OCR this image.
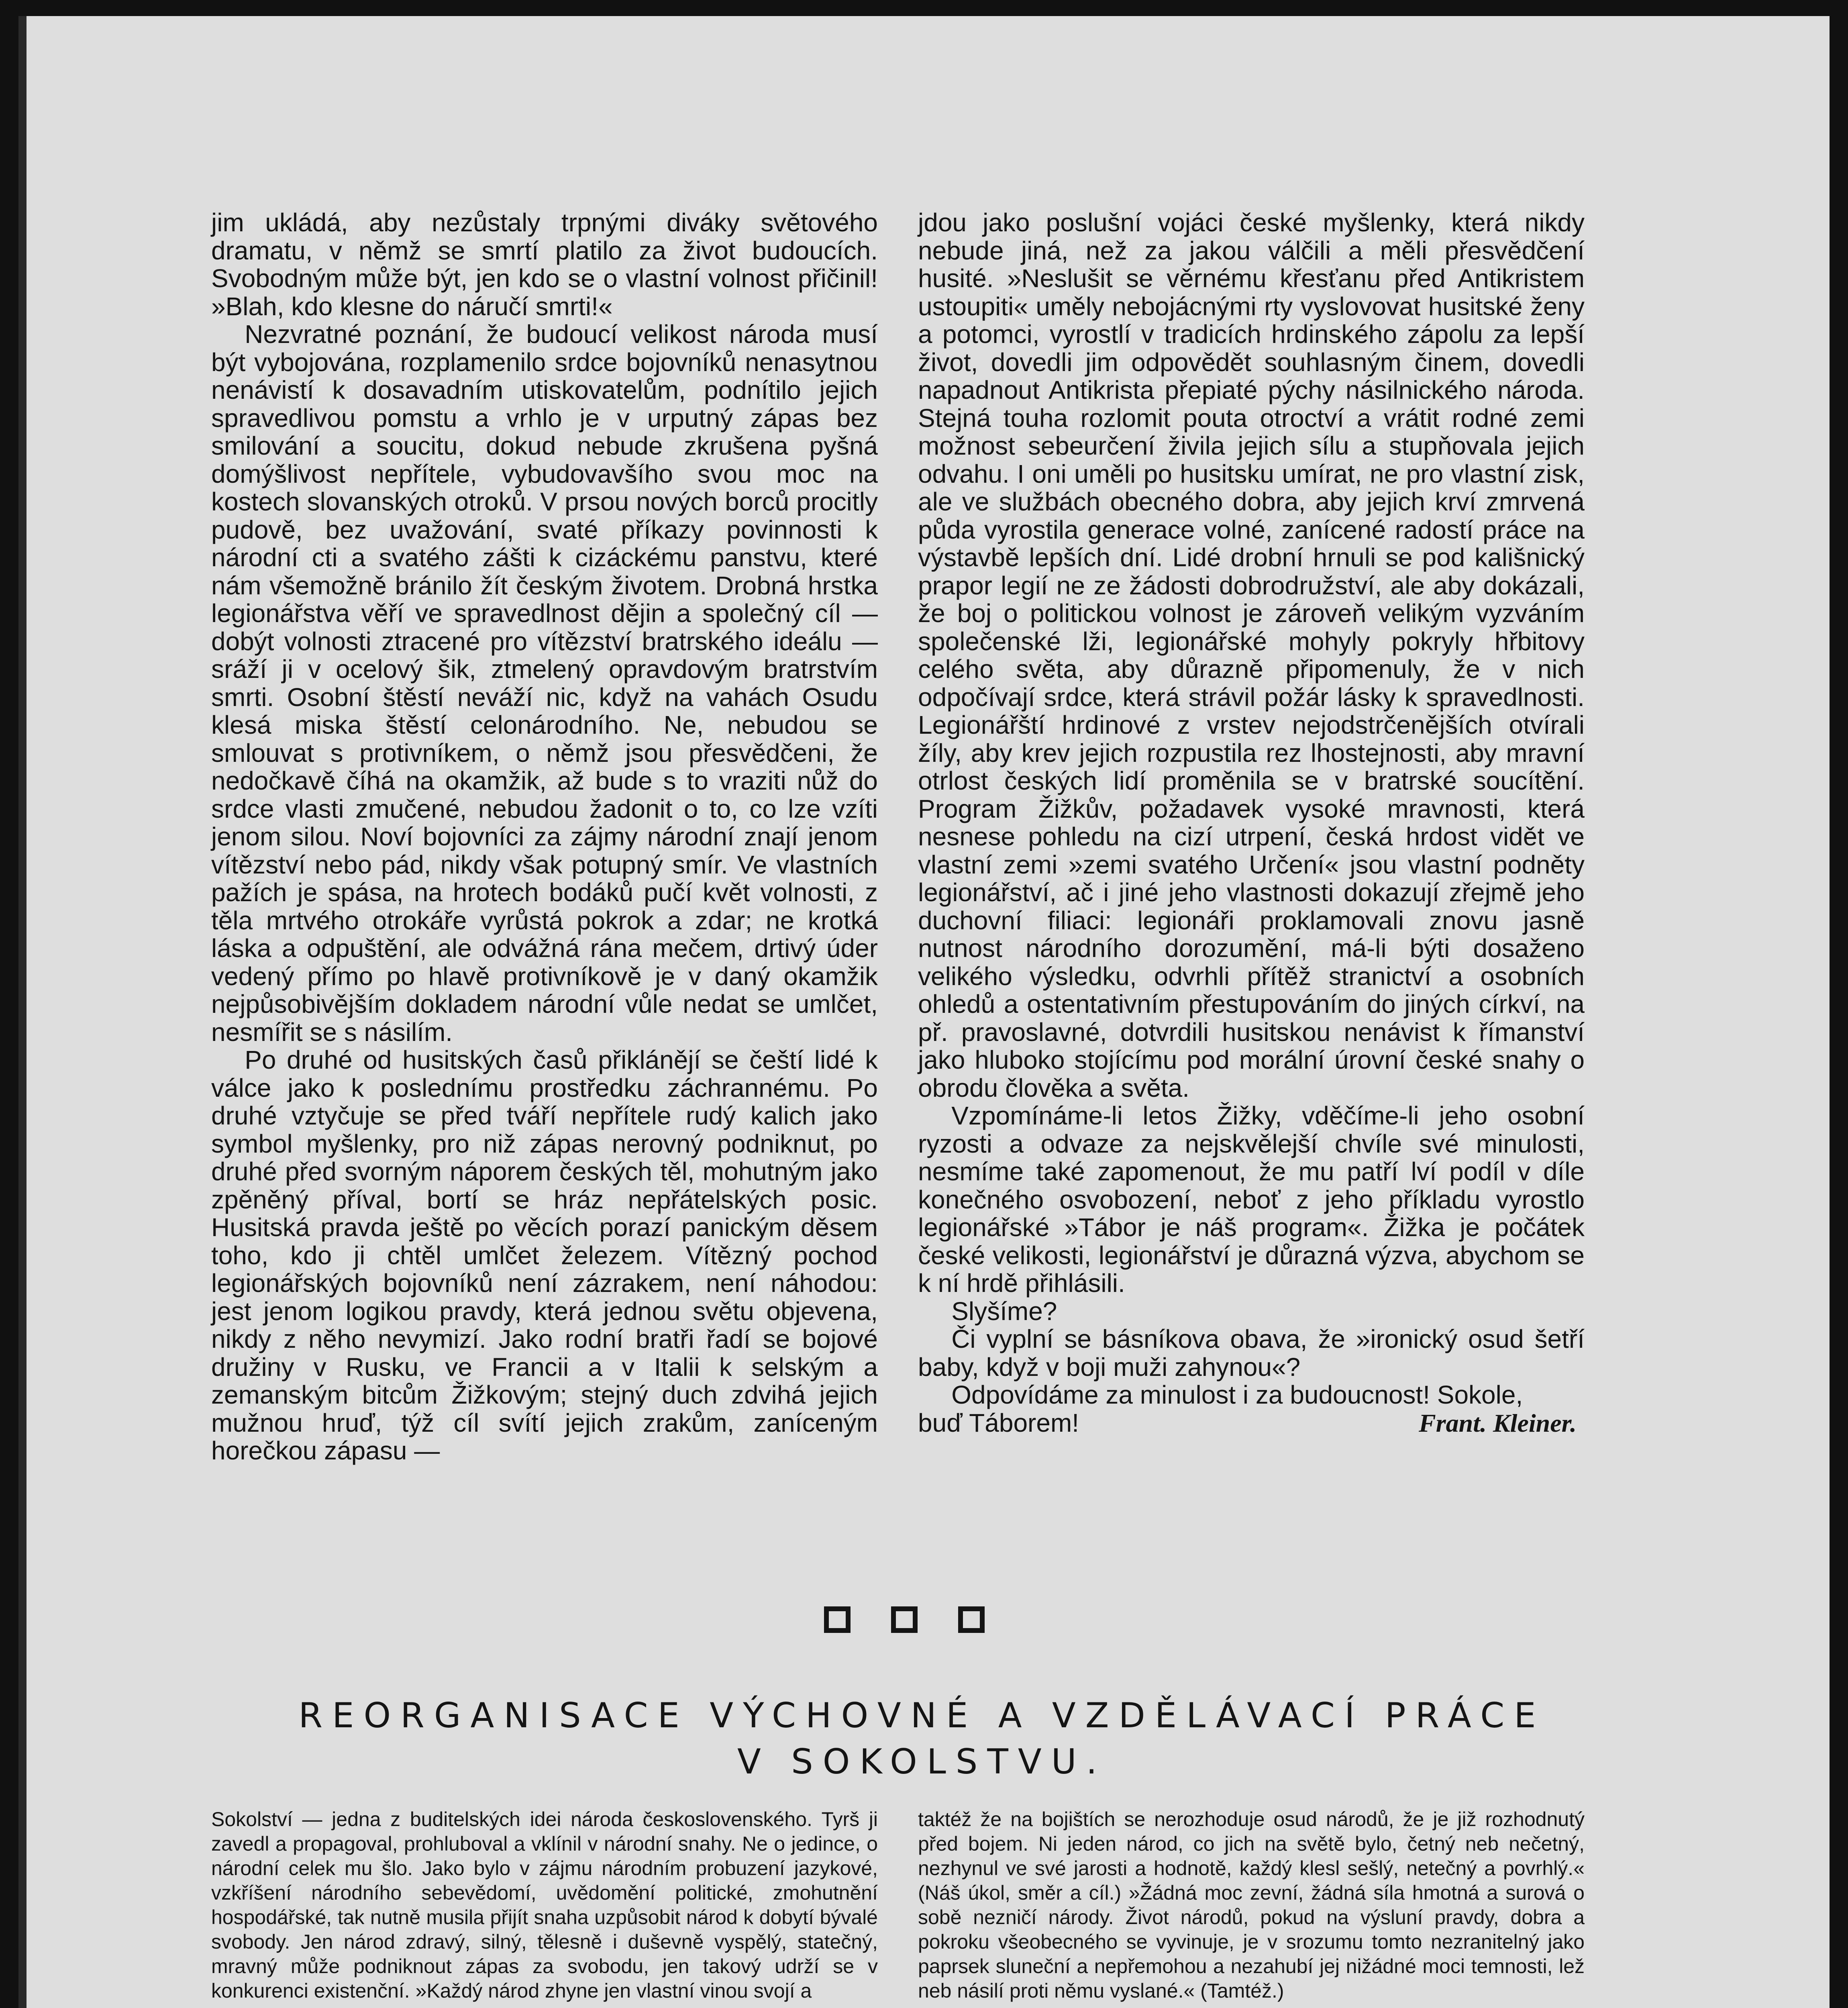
jim ukládá, aby nezůstaly trpnými diváky světového dramatu, v němž se smrtí platilo za život budoucích. Svobodným může být, jen kdo se o vlastní volnost přičinil! »Blah, kdo klesne do náručí smrti!«

Nezvratné poznání, že budoucí velikost národa musí být vybojována, rozplamenilo srdce bojovníků nenasytnou nenávistí k dosavadním utiskovatelům, podnítilo jejich spravedlivou pomstu a vrhlo je v urputný zápas bez smilování a soucitu, dokud nebude zkrušena pyšná domýšlivost nepřítele, vybudovavšího svou moc na kostech slovanských otroků. V prsou nových borců procitly pudově, bez uvažování, svaté příkazy povinnosti k národní cti a svatého zášti k cizáckému panstvu, které nám všemožně bránilo žít českým životem. Drobná hrstka legionářstva věří ve spravedlnost dějin a společný cíl — dobýt volnosti ztracené pro vítězství bratrského ideálu — sráží ji v ocelový šik, ztmelený opravdovým bratrstvím smrti. Osobní štěstí neváží nic, když na vahách Osudu klesá miska štěstí celonárodního. Ne, nebudou se smlouvat s protivníkem, o němž jsou přesvědčeni, že nedočkavě číhá na okamžik, až bude s to vraziti nůž do srdce vlasti zmučené, nebudou žadonit o to, co lze vzíti jenom silou. Noví bojovníci za zájmy národní znají jenom vítězství nebo pád, nikdy však potupný smír. Ve vlastních pažích je spása, na hrotech bodáků pučí květ volnosti, z těla mrtvého otrokáře vyrůstá pokrok a zdar; ne krotká láska a odpuštění, ale odvážná rána mečem, drtivý úder vedený přímo po hlavě protivníkově je v daný okamžik nejpůsobivějším dokladem národní vůle nedat se umlčet, nesmířit se s násilím.

Po druhé od husitských časů přiklánějí se čeští lidé k válce jako k poslednímu prostředku záchrannému. Po druhé vztyčuje se před tváří nepřítele rudý kalich jako symbol myšlenky, pro niž zápas nerovný podniknut, po druhé před svorným náporem českých těl, mohutným jako zpěněný příval, bortí se hráz nepřátelských posic. Husitská pravda ještě po věcích porazí panickým děsem toho, kdo ji chtěl umlčet železem. Vítězný pochod legionářských bojovníků není zázrakem, není náhodou: jest jenom logikou pravdy, která jednou světu objevena, nikdy z něho nevymizí. Jako rodní bratři řadí se bojové družiny v Rusku, ve Francii a v Italii k selským a zemanským bitcům Žižkovým; stejný duch zdvihá jejich mužnou hruď, týž cíl svítí jejich zrakům, zaníceným horečkou zápasu —

jdou jako poslušní vojáci české myšlenky, která nikdy nebude jiná, než za jakou válčili a měli přesvědčení husité. »Neslušit se věrnému křesťanu před Antikristem ustoupiti« uměly nebojácnými rty vyslovovat husitské ženy a potomci, vyrostlí v tradicích hrdinského zápolu za lepší život, dovedli jim odpovědět souhlasným činem, dovedli napadnout Antikrista přepiaté pýchy násilnického národa. Stejná touha rozlomit pouta otroctví a vrátit rodné zemi možnost sebeurčení živila jejich sílu a stupňovala jejich odvahu. I oni uměli po husitsku umírat, ne pro vlastní zisk, ale ve službách obecného dobra, aby jejich krví zmrvená půda vyrostila generace volné, zanícené radostí práce na výstavbě lepších dní. Lidé drobní hrnuli se pod kališnický prapor legií ne ze žádosti dobrodružství, ale aby dokázali, že boj o politickou volnost je zároveň velikým vyzváním společenské lži, legionářské mohyly pokryly hřbitovy celého světa, aby důrazně připomenuly, že v nich odpočívají srdce, která strávil požár lásky k spravedlnosti. Legionářští hrdinové z vrstev nejodstrčenějších otvírali žíly, aby krev jejich rozpustila rez lhostejnosti, aby mravní otrlost českých lidí proměnila se v bratrské soucítění. Program Žižkův, požadavek vysoké mravnosti, která nesnese pohledu na cizí utrpení, česká hrdost vidět ve vlastní zemi »zemi svatého Určení« jsou vlastní podněty legionářství, ač i jiné jeho vlastnosti dokazují zřejmě jeho duchovní filiaci: legionáři proklamovali znovu jasně nutnost národního dorozumění, má-li býti dosaženo velikého výsledku, odvrhli přítěž stranictví a osobních ohledů a ostentativním přestupováním do jiných církví, na př. pravoslavné, dotvrdili husitskou nenávist k římanství jako hluboko stojícímu pod morální úrovní české snahy o obrodu člověka a světa.

Vzpomínáme-li letos Žižky, vděčíme-li jeho osobní ryzosti a odvaze za nejskvělejší chvíle své minulosti, nesmíme také zapomenout, že mu patří lví podíl v díle konečného osvobození, neboť z jeho příkladu vyrostlo legionářské »Tábor je náš program«. Žižka je počátek české velikosti, legionářství je důrazná výzva, abychom se k ní hrdě přihlásili.

Slyšíme?

Či vyplní se básníkova obava, že »ironický osud šetří baby, když v boji muži zahynou«?

Odpovídáme za minulost i za budoucnost! Sokole,

buď Táborem!	Frant. Kleiner.

REORGANISACE VÝCHOVNÉ A VZDĚLÁVACÍ PRÁCE
V SOKOLSTVU.

Sokolství — jedna z buditelských idei národa československého. Tyrš ji zavedl a propagoval, prohluboval a vklínil v národní snahy. Ne o jedince, o národní celek mu šlo. Jako bylo v zájmu národním probuzení jazykové, vzkříšení národního sebevědomí, uvědomění politické, zmohutnění hospodářské, tak nutně musila přijít snaha uzpůsobit národ k dobytí bývalé svobody. Jen národ zdravý, silný, tělesně i duševně vyspělý, statečný, mravný může podniknout zápas za svobodu, jen takový udrží se v konkurenci existenční. »Každý národ zhyne jen vlastní vinou svojí a

taktéž že na bojištích se nerozhoduje osud národů, že je již rozhodnutý před bojem. Ni jeden národ, co jich na světě bylo, četný neb nečetný, nezhynul ve své jarosti a hodnotě, každý klesl sešlý, netečný a povrhlý.« (Náš úkol, směr a cíl.) »Žádná moc zevní, žádná síla hmotná a surová o sobě nezničí národy. Život národů, pokud na výsluní pravdy, dobra a pokroku všeobecného se vyvinuje, je v srozumu tomto nezranitelný jako paprsek sluneční a nepřemohou a nezahubí jej nižádné moci temnosti, lež neb násilí proti němu vyslané.« (Tamtéž.)
